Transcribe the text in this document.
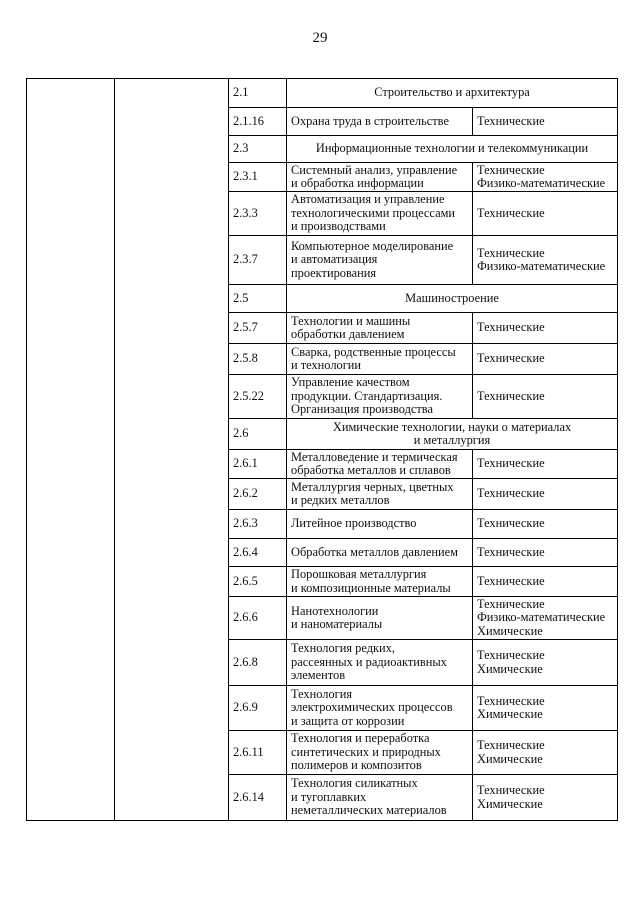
29
		2.1	Строительство и архитектура	

		2.1.16	Охрана труда в строительстве	Технические

		2.3	Информационные технологии и телекоммуникации	

		2.3.1	Системный анализ, управление
и обработка информации	Технические
Физико-математические

		2.3.3	Автоматизация и управление
технологическими процессами
и производствами	Технические

		2.3.7	Компьютерное моделирование
и автоматизация
проектирования	Технические
Физико-математические

		2.5	Машиностроение	

		2.5.7	Технологии и машины
обработки давлением	Технические

		2.5.8	Сварка, родственные процессы
и технологии	Технические

		2.5.22	Управление качеством
продукции. Стандартизация.
Организация производства	Технические

		2.6	Химические технологии, науки о материалах
и металлургия	

		2.6.1	Металловедение и термическая
обработка металлов и сплавов	Технические

		2.6.2	Металлургия черных, цветных
и редких металлов	Технические

		2.6.3	Литейное производство	Технические

		2.6.4	Обработка металлов давлением	Технические

		2.6.5	Порошковая металлургия
и композиционные материалы	Технические

		2.6.6	Нанотехнологии
и наноматериалы	Технические
Физико-математические
Химические

		2.6.8	Технология редких,
рассеянных и радиоактивных
элементов	Технические
Химические

		2.6.9	Технология
электрохимических процессов
и защита от коррозии	Технические
Химические

		2.6.11	Технология и переработка
синтетических и природных
полимеров и композитов	Технические
Химические

		2.6.14	Технология силикатных
и тугоплавких
неметаллических материалов	Технические
Химические
